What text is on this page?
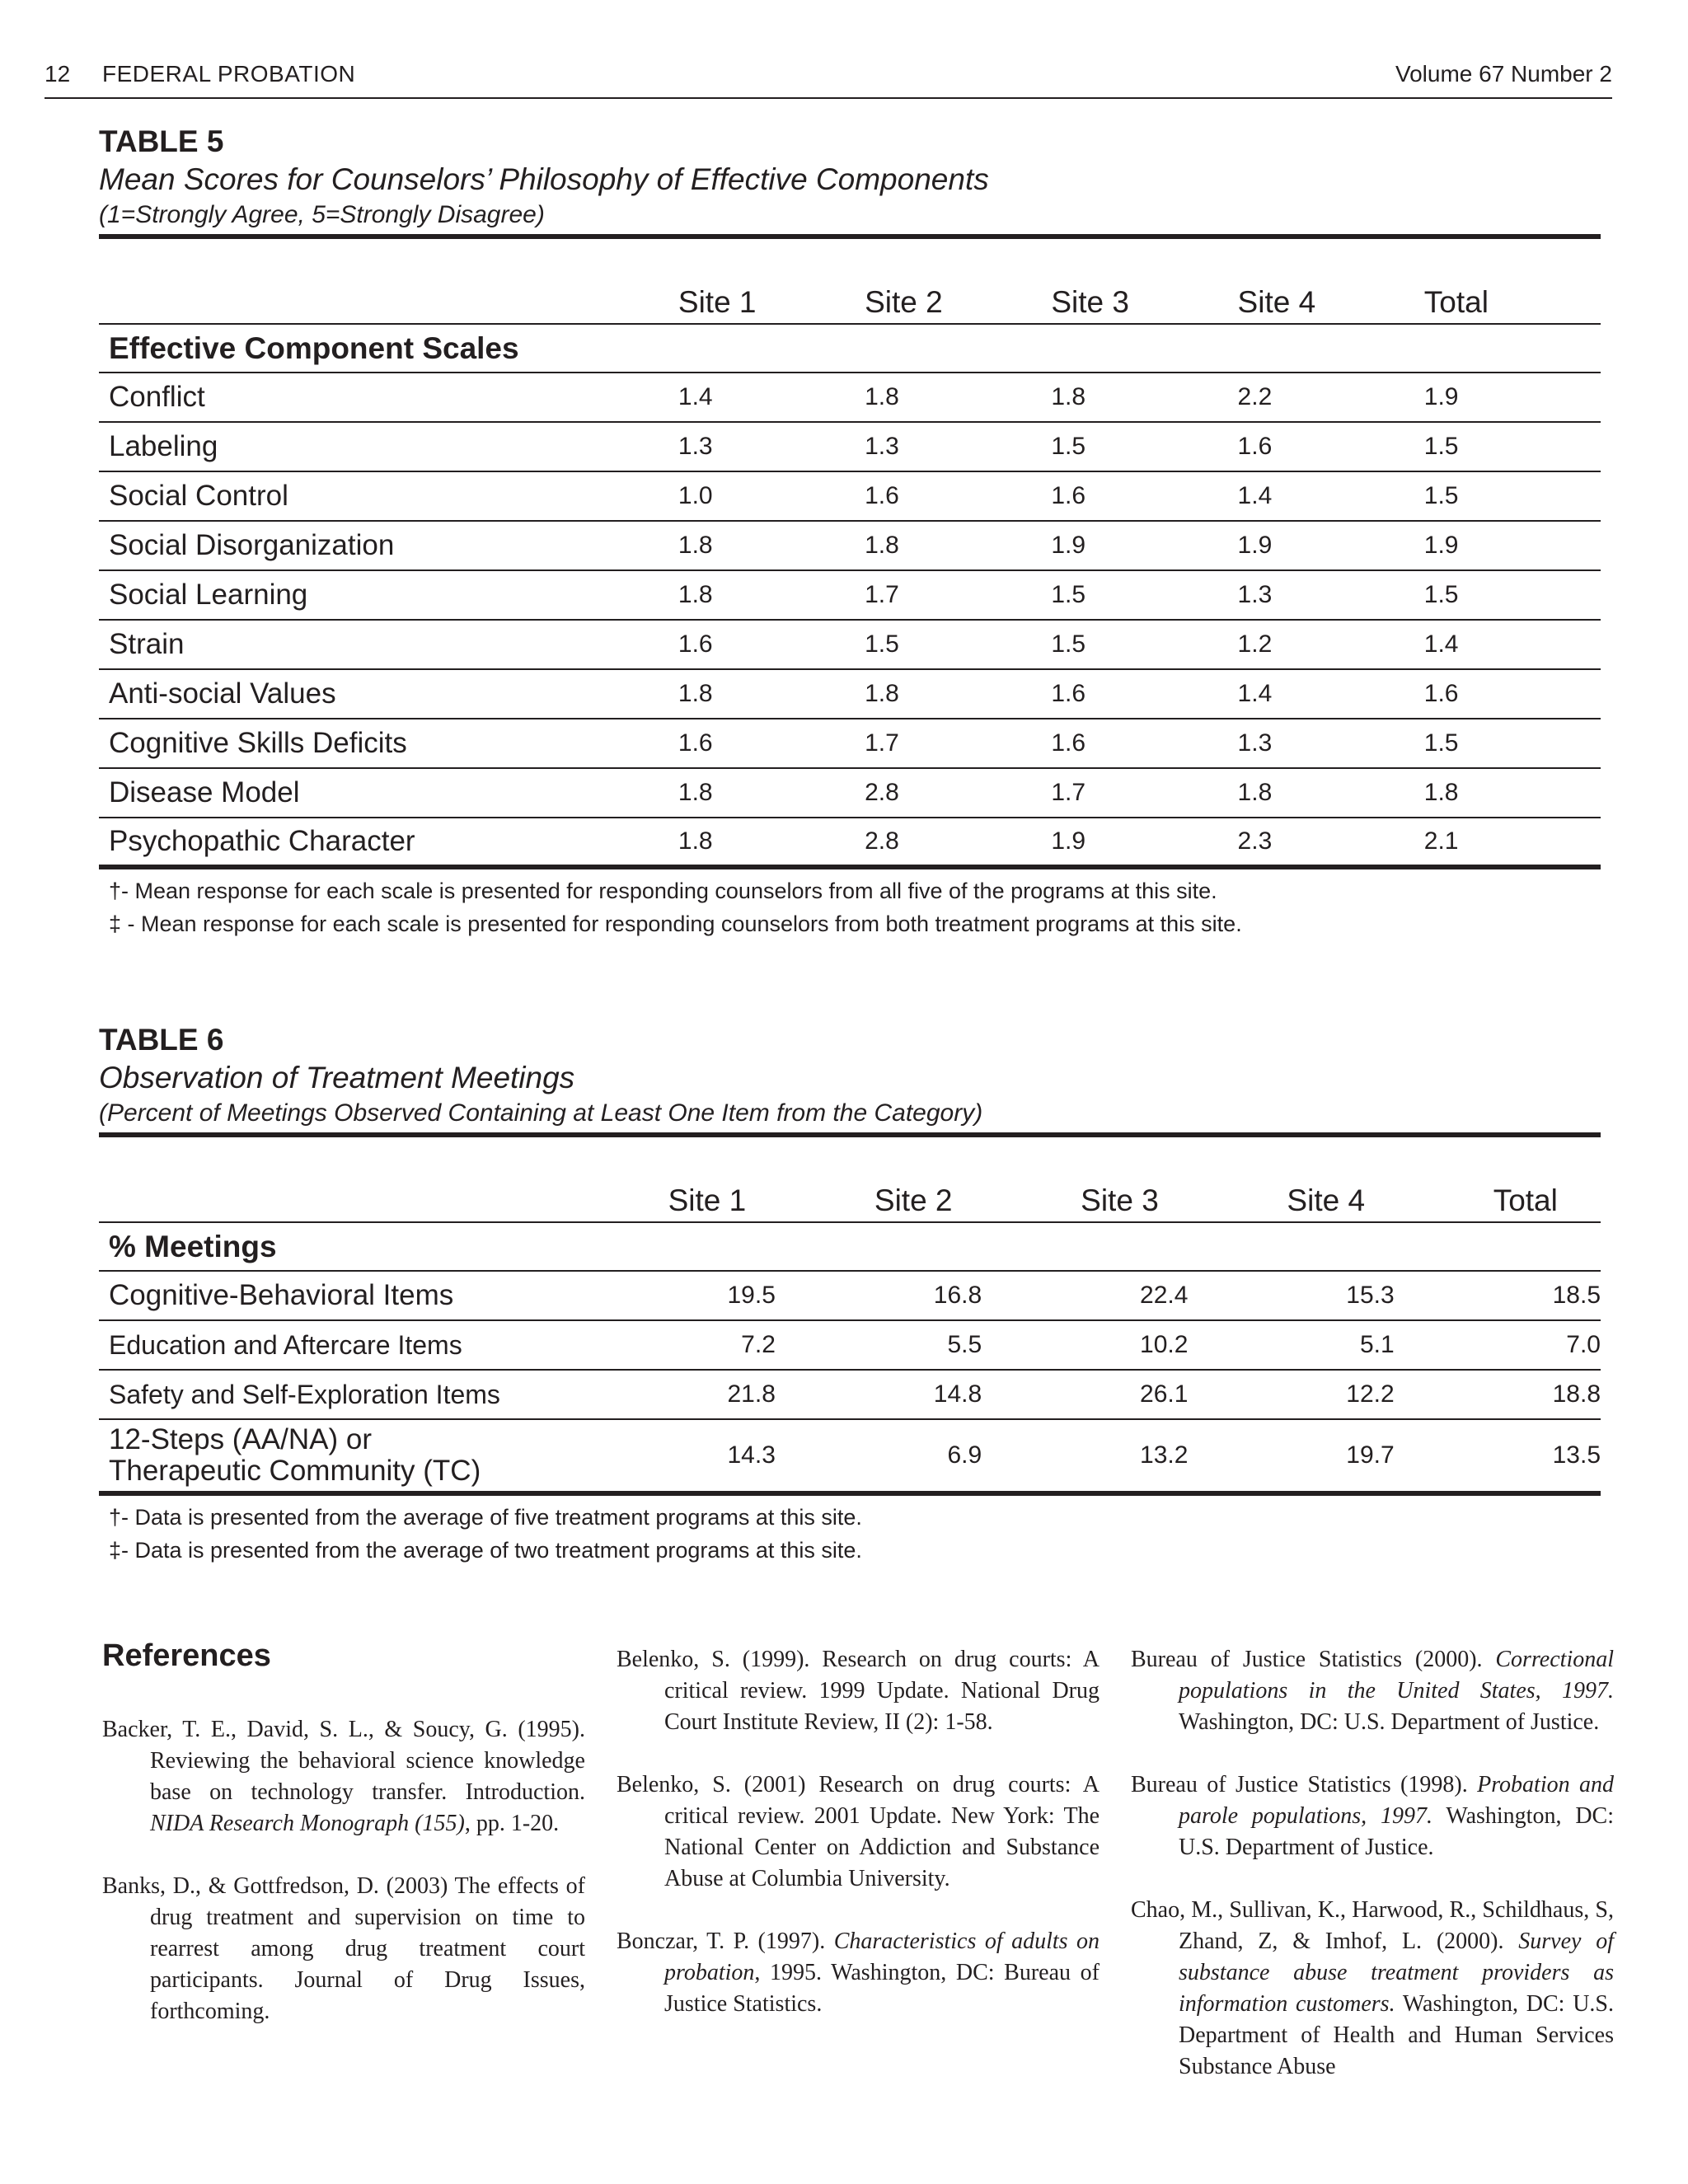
12 FEDERAL PROBATION	Volume 67 Number 2
TABLE 5
Mean Scores for Counselors’ Philosophy of Effective Components
(1=Strongly Agree, 5=Strongly Disagree)
	Site 1	Site 2	Site 3	Site 4	Total
Effective Component Scales					
Conflict	1.4	1.8	1.8	2.2	1.9
Labeling	1.3	1.3	1.5	1.6	1.5
Social Control	1.0	1.6	1.6	1.4	1.5
Social Disorganization	1.8	1.8	1.9	1.9	1.9
Social Learning	1.8	1.7	1.5	1.3	1.5
Strain	1.6	1.5	1.5	1.2	1.4
Anti-social Values	1.8	1.8	1.6	1.4	1.6
Cognitive Skills Deficits	1.6	1.7	1.6	1.3	1.5
Disease Model	1.8	2.8	1.7	1.8	1.8
Psychopathic Character	1.8	2.8	1.9	2.3	2.1
†- Mean response for each scale is presented for responding counselors from all five of the programs at this site.
‡ - Mean response for each scale is presented for responding counselors from both treatment programs at this site.
TABLE 6
Observation of Treatment Meetings
(Percent of Meetings Observed Containing at Least One Item from the Category)
	Site 1	Site 2	Site 3	Site 4	Total
% Meetings					
Cognitive-Behavioral Items	19.5	16.8	22.4	15.3	18.5
Education and Aftercare Items	7.2	5.5	10.2	5.1	7.0
Safety and Self-Exploration Items	21.8	14.8	26.1	12.2	18.8

12-Steps (AA/NA) or
Therapeutic Community (TC)	14.3	6.9	13.2	19.7	13.5
†- Data is presented from the average of five treatment programs at this site.
‡- Data is presented from the average of two treatment programs at this site.
References

Backer, T. E., David, S. L., & Soucy, G. (1995). Reviewing the behavioral science knowledge base on technology transfer. Introduction. NIDA Research Monograph (155), pp. 1-20.

Banks, D., & Gottfredson, D. (2003) The effects of drug treatment and supervision on time to rearrest among drug treatment court participants. Journal of Drug Issues, forthcoming.

Belenko, S. (1999). Research on drug courts: A critical review. 1999 Update. National Drug Court Institute Review, II (2): 1-58.

Belenko, S. (2001) Research on drug courts: A critical review. 2001 Update. New York: The National Center on Addiction and Substance Abuse at Columbia University.

Bonczar, T. P. (1997). Characteristics of adults on probation, 1995. Washington, DC: Bureau of Justice Statistics.

Bureau of Justice Statistics (2000). Correctional populations in the United States, 1997. Washington, DC: U.S. Department of Justice.

Bureau of Justice Statistics (1998). Probation and parole populations, 1997. Washington, DC: U.S. Department of Justice.

Chao, M., Sullivan, K., Harwood, R., Schildhaus, S, Zhand, Z, & Imhof, L. (2000). Survey of substance abuse treatment providers as information customers. Washington, DC: U.S. Department of Health and Human Services Substance Abuse
